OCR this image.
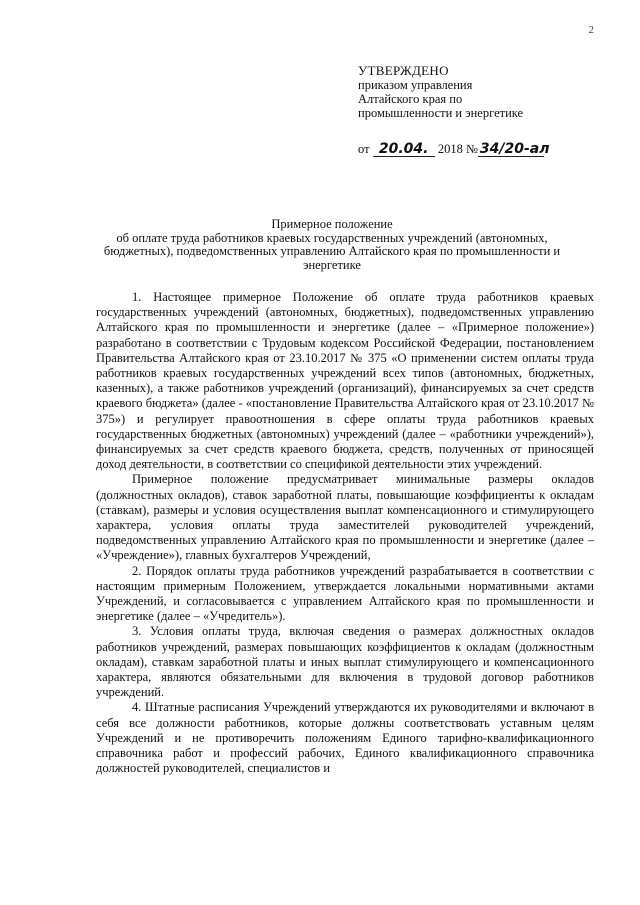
2
УТВЕРЖДЕНО
приказом управления
Алтайского края по
промышленности и энергетике
от 20.04. 2018 № 34/20-ал
Примерное положение
об оплате труда работников краевых государственных учреждений (автономных, бюджетных), подведомственных управлению Алтайского края по промышленности и энергетике

1. Настоящее примерное Положение об оплате труда работников краевых государственных учреждений (автономных, бюджетных), подведомственных управлению Алтайского края по промышленности и энергетике (далее – «Примерное положение») разработано в соответствии с Трудовым кодексом Российской Федерации, постановлением Правительства Алтайского края от 23.10.2017 № 375 «О применении систем оплаты труда работников краевых государственных учреждений всех типов (автономных, бюджетных, казенных), а также работников учреждений (организаций), финансируемых за счет средств краевого бюджета» (далее - «постановление Правительства Алтайского края от 23.10.2017 № 375») и регулирует правоотношения в сфере оплаты труда работников краевых государственных бюджетных (автономных) учреждений (далее – «работники учреждений»), финансируемых за счет средств краевого бюджета, средств, полученных от приносящей доход деятельности, в соответствии со спецификой деятельности этих учреждений.

Примерное положение предусматривает минимальные размеры окладов (должностных окладов), ставок заработной платы, повышающие коэффициенты к окладам (ставкам), размеры и условия осуществления выплат компенсационного и стимулирующего характера, условия оплаты труда заместителей руководителей учреждений, подведомственных управлению Алтайского края по промышленности и энергетике (далее – «Учреждение»), главных бухгалтеров Учреждений,

2. Порядок оплаты труда работников учреждений разрабатывается в соответствии с настоящим примерным Положением, утверждается локальными нормативными актами Учреждений, и согласовывается с управлением Алтайского края по промышленности и энергетике (далее – «Учредитель»).

3. Условия оплаты труда, включая сведения о размерах должностных окладов работников учреждений, размерах повышающих коэффициентов к окладам (должностным окладам), ставкам заработной платы и иных выплат стимулирующего и компенсационного характера, являются обязательными для включения в трудовой договор работников учреждений.

4. Штатные расписания Учреждений утверждаются их руководителями и включают в себя все должности работников, которые должны соответствовать уставным целям Учреждений и не противоречить положениям Единого тарифно-квалификационного справочника работ и профессий рабочих, Единого квалификационного справочника должностей руководителей, специалистов и
